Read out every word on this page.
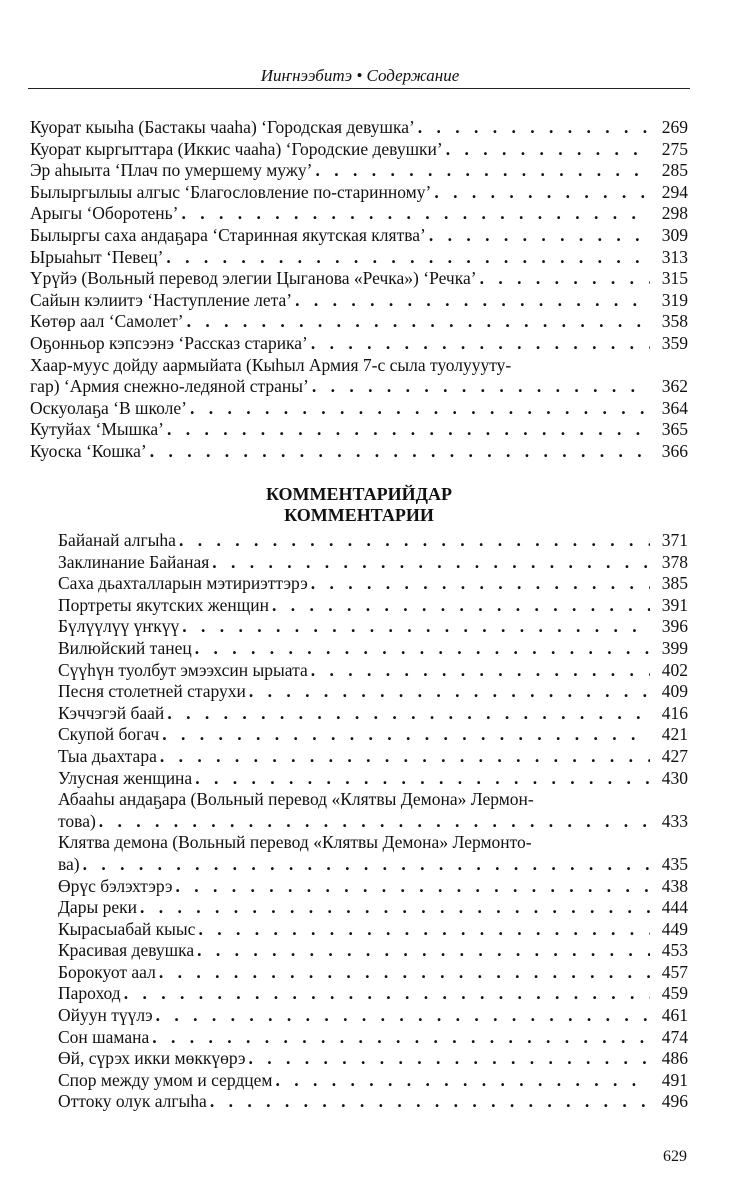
Ииҥнээбитэ • Содержание
Куорат кыыһа (Бастакы чааһа) ‘Городская девушка’ . . .	269
Куорат кыргыттара (Иккис чааһа) ‘Городские девушки’ . . .	275
Эр аһыыта ‘Плач по умершему мужу’ . . .	285
Былыргылыы алгыс ‘Благословление по-старинному’ . . .	294
Арыгы ‘Оборотень’ . . .	298
Былыргы саха андаҕара ‘Старинная якутская клятва’ . . .	309
Ырыаһыт ‘Певец’ . . .	313
Үрүйэ (Вольный перевод элегии Цыганова «Речка») ‘Речка’ . . .	315
Сайын кэлиитэ ‘Наступление лета’ . . .	319
Көтөр аал ‘Самолет’ . . .	358
Оҕонньор кэпсээнэ ‘Рассказ старика’ . . .	359
Хаар-муус дойду аармыйата (Кыһыл Армия 7-с сыла туолуууту-
гар) ‘Армия снежно-ледяной страны’ . . .	362
Оскуолаҕа ‘В школе’ . . .	364
Кутуйах ‘Мышка’ . . .	365
Куоска ‘Кошка’ . . .	366
КОММЕНТАРИЙДАР
КОММЕНТАРИИ
Байанай алгыһа . . .	371
Заклинание Байаная . . .	378
Саха дьахталларын мэтириэттэрэ . . .	385
Портреты якутских женщин . . .	391
Бүлүүлүү үҥкүү . . .	396
Вилюйский танец . . .	399
Сүүһүн туолбут эмээхсин ырыата . . .	402
Песня столетней старухи . . .	409
Кэччэгэй баай . . .	416
Скупой богач . . .	421
Тыа дьахтара . . .	427
Улусная женщина . . .	430
Абааһы андаҕара (Вольный перевод «Клятвы Демона» Лермон-
това) . . .	433
Клятва демона (Вольный перевод «Клятвы Демона» Лермонто-
ва) . . .	435
Өрүс бэлэхтэрэ . . .	438
Дары реки . . .	444
Кырасыабай кыыс . . .	449
Красивая девушка . . .	453
Борокуот аал . . .	457
Пароход . . .	459
Ойуун түүлэ . . .	461
Сон шамана . . .	474
Өй, сүрэх икки мөккүөрэ . . .	486
Спор между умом и сердцем . . .	491
Оттоку олук алгыһа . . .	496
629
